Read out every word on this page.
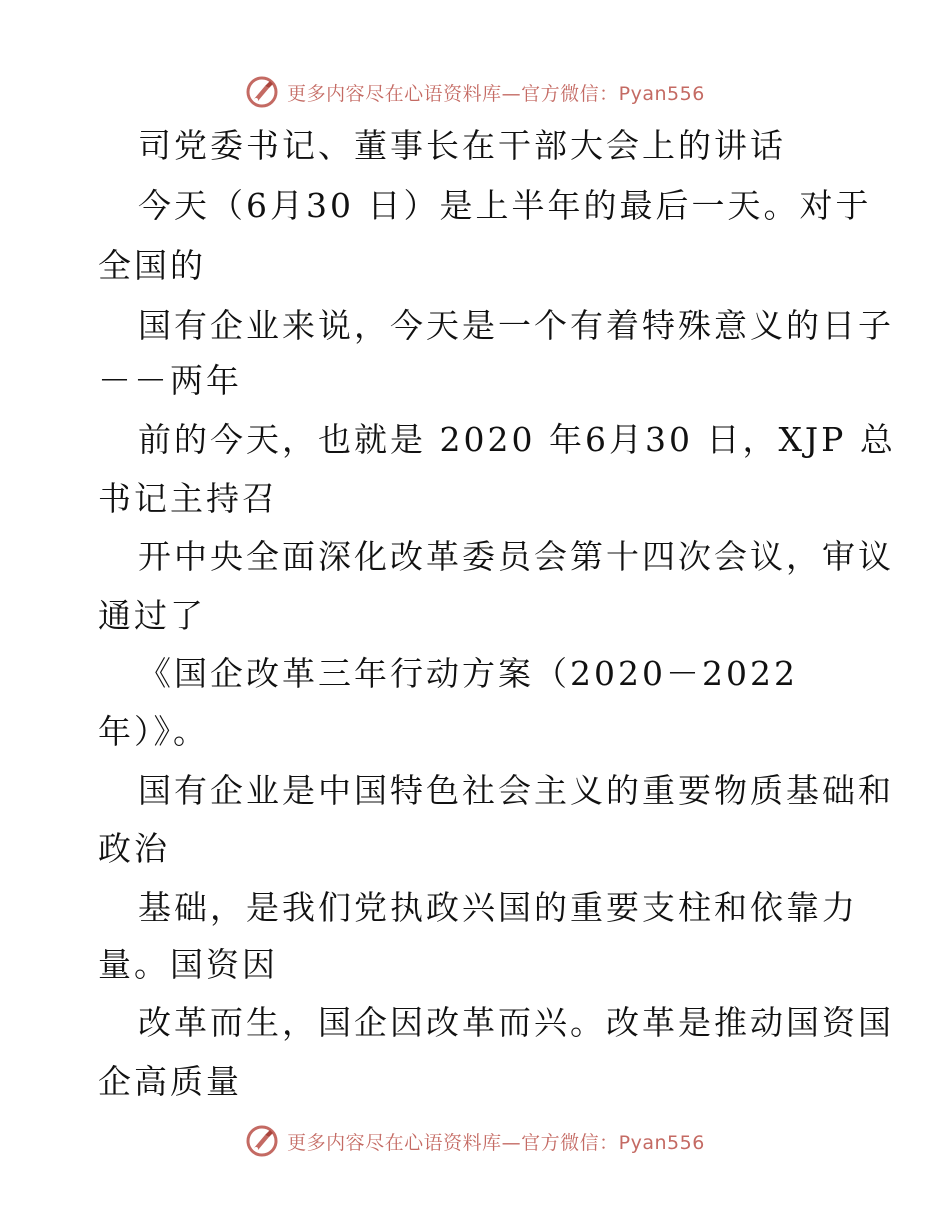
更多内容尽在心语资料库—官方微信：Pyan556
司党委书记、董事长在干部大会上的讲话
今天（6月30 日）是上半年的最后一天。对于
全国的
国有企业来说，今天是一个有着特殊意义的日子
－－两年
前的今天，也就是 2020 年6月30 日，XJP 总
书记主持召
开中央全面深化改革委员会第十四次会议，审议
通过了
《国企改革三年行动方案（2020－2022
年）》。
国有企业是中国特色社会主义的重要物质基础和
政治
基础，是我们党执政兴国的重要支柱和依靠力
量。国资因
改革而生，国企因改革而兴。改革是推动国资国
企高质量
更多内容尽在心语资料库—官方微信：Pyan556
